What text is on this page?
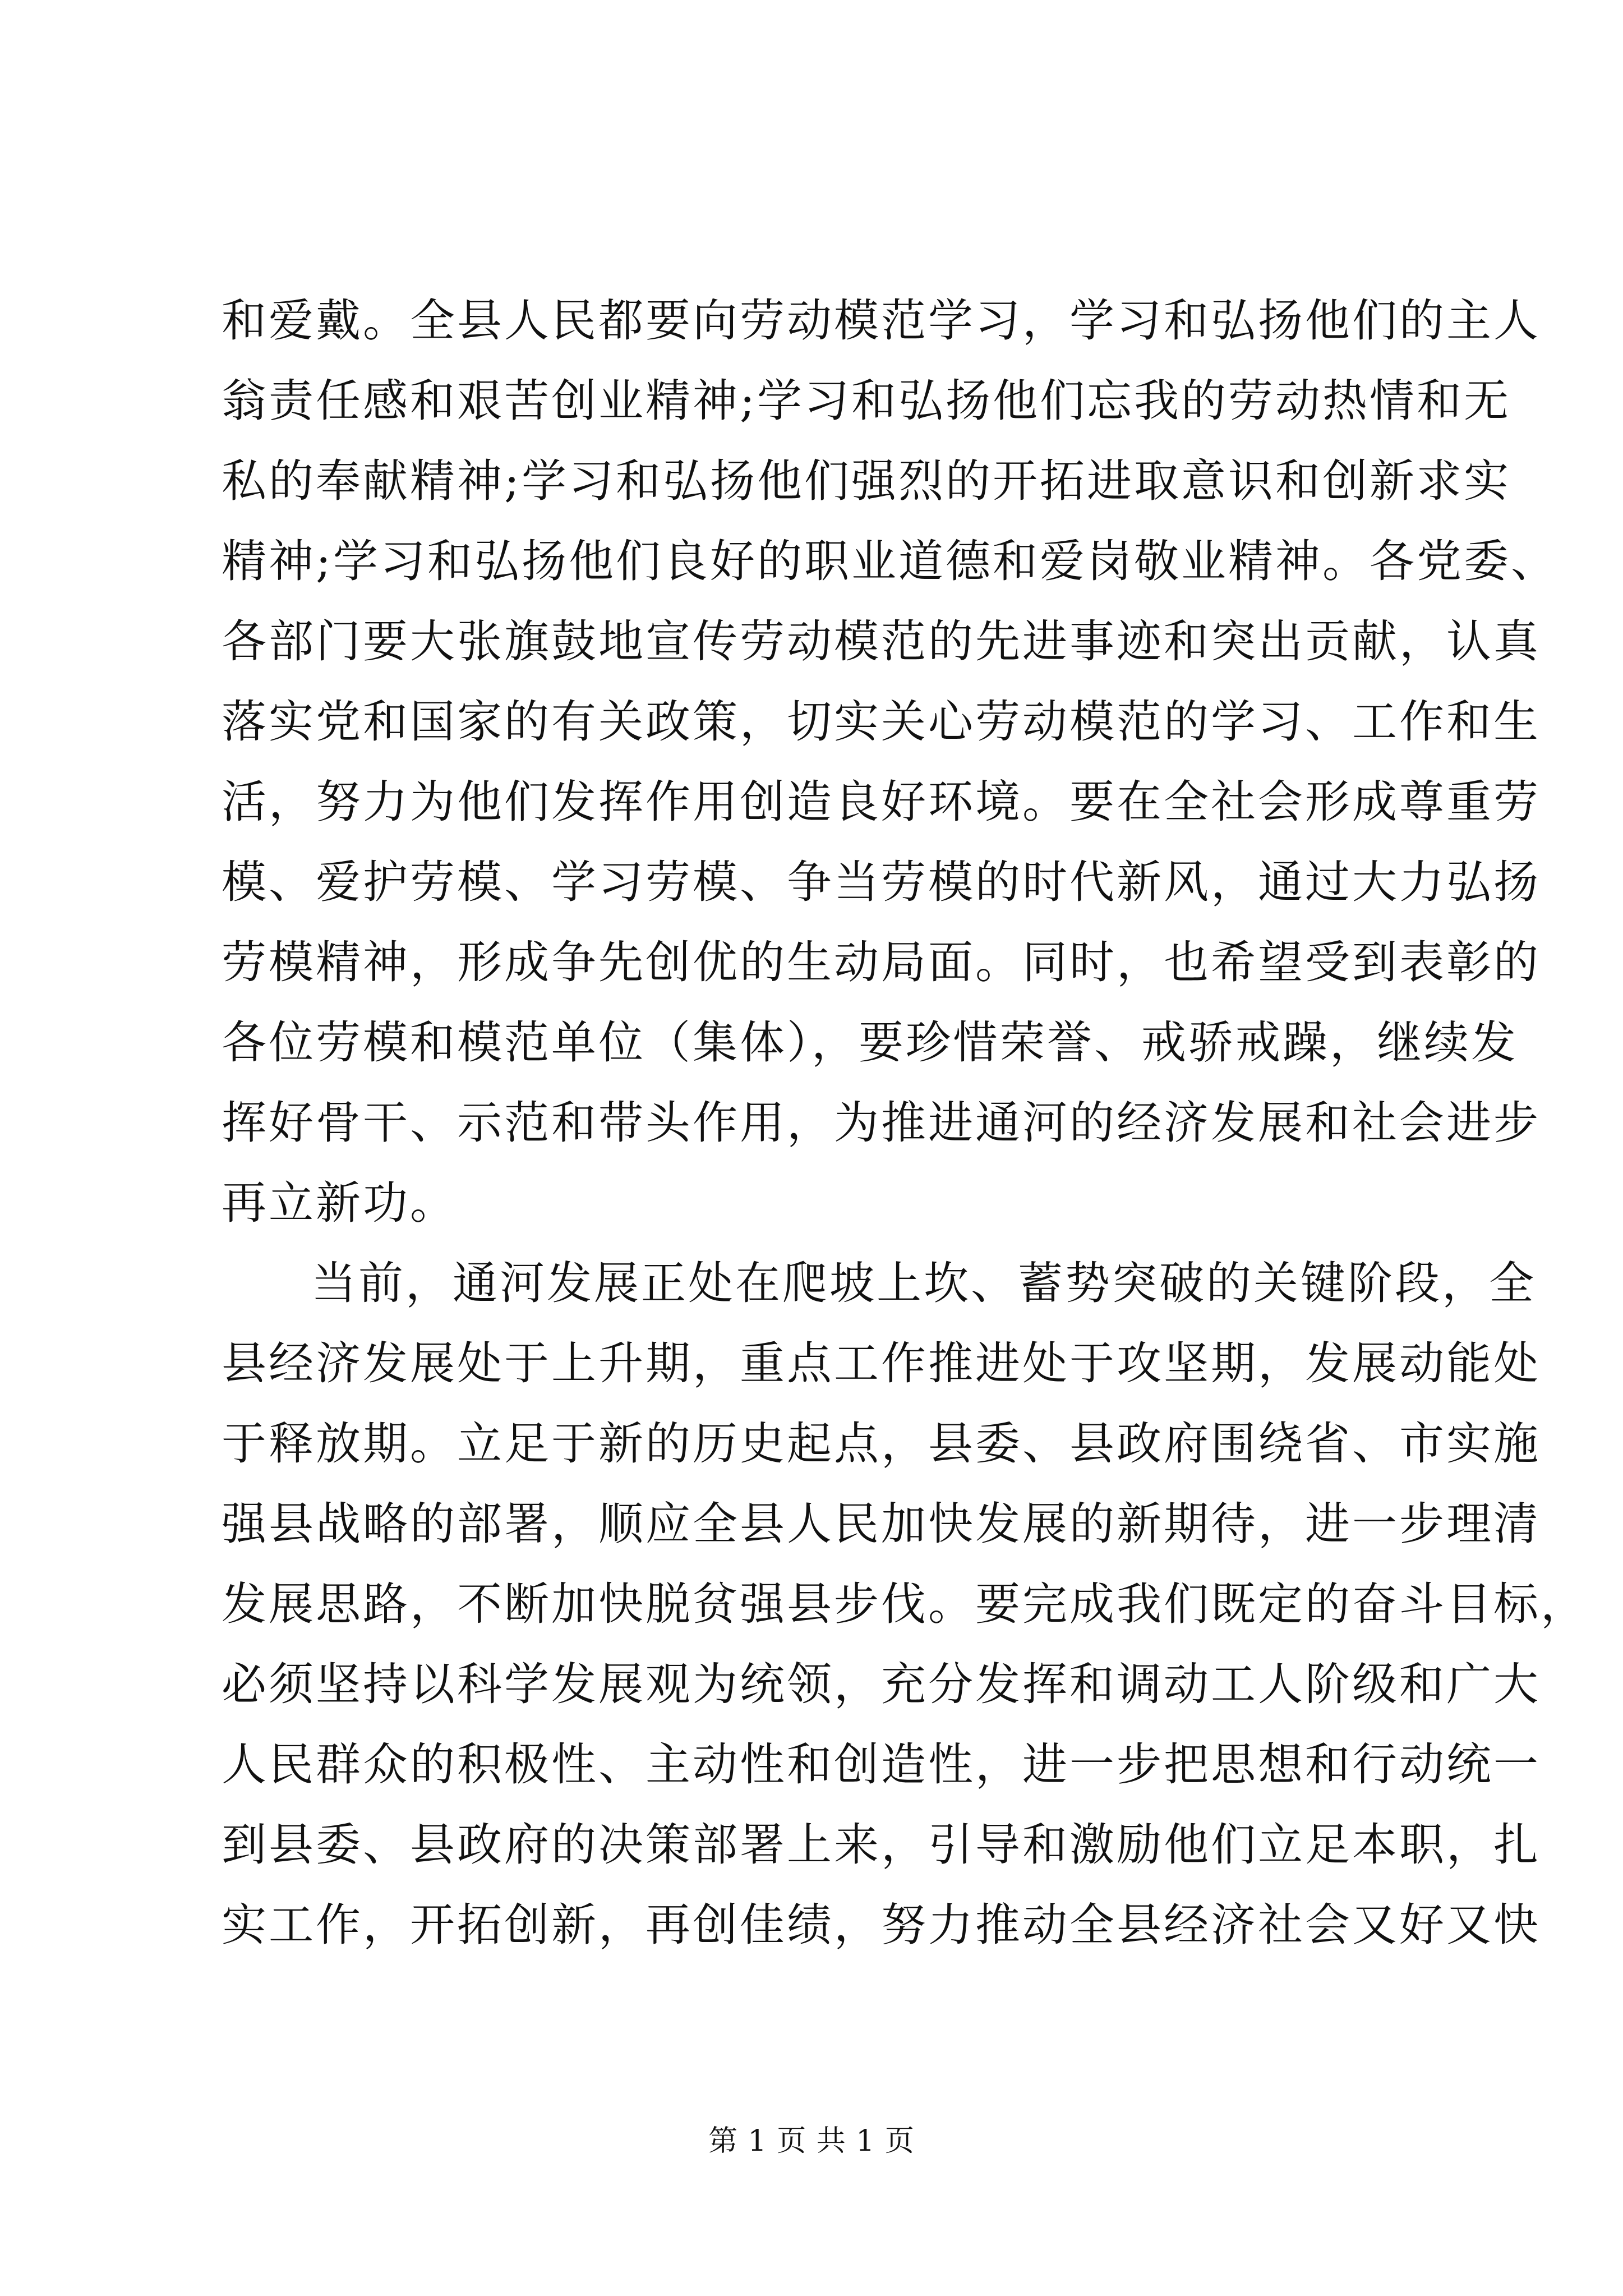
和爱戴。全县人民都要向劳动模范学习，学习和弘扬他们的主人
翁责任感和艰苦创业精神;学习和弘扬他们忘我的劳动热情和无
私的奉献精神;学习和弘扬他们强烈的开拓进取意识和创新求实
精神;学习和弘扬他们良好的职业道德和爱岗敬业精神。各党委、
各部门要大张旗鼓地宣传劳动模范的先进事迹和突出贡献，认真
落实党和国家的有关政策，切实关心劳动模范的学习、工作和生
活，努力为他们发挥作用创造良好环境。要在全社会形成尊重劳
模、爱护劳模、学习劳模、争当劳模的时代新风，通过大力弘扬
劳模精神，形成争先创优的生动局面。同时，也希望受到表彰的
各位劳模和模范单位（集体），要珍惜荣誉、戒骄戒躁，继续发
挥好骨干、示范和带头作用，为推进通河的经济发展和社会进步
再立新功。
当前，通河发展正处在爬坡上坎、蓄势突破的关键阶段，全
县经济发展处于上升期，重点工作推进处于攻坚期，发展动能处
于释放期。立足于新的历史起点，县委、县政府围绕省、市实施
强县战略的部署，顺应全县人民加快发展的新期待，进一步理清
发展思路，不断加快脱贫强县步伐。要完成我们既定的奋斗目标，
必须坚持以科学发展观为统领，充分发挥和调动工人阶级和广大
人民群众的积极性、主动性和创造性，进一步把思想和行动统一
到县委、县政府的决策部署上来，引导和激励他们立足本职，扎
实工作，开拓创新，再创佳绩，努力推动全县经济社会又好又快
第 1 页 共 1 页
